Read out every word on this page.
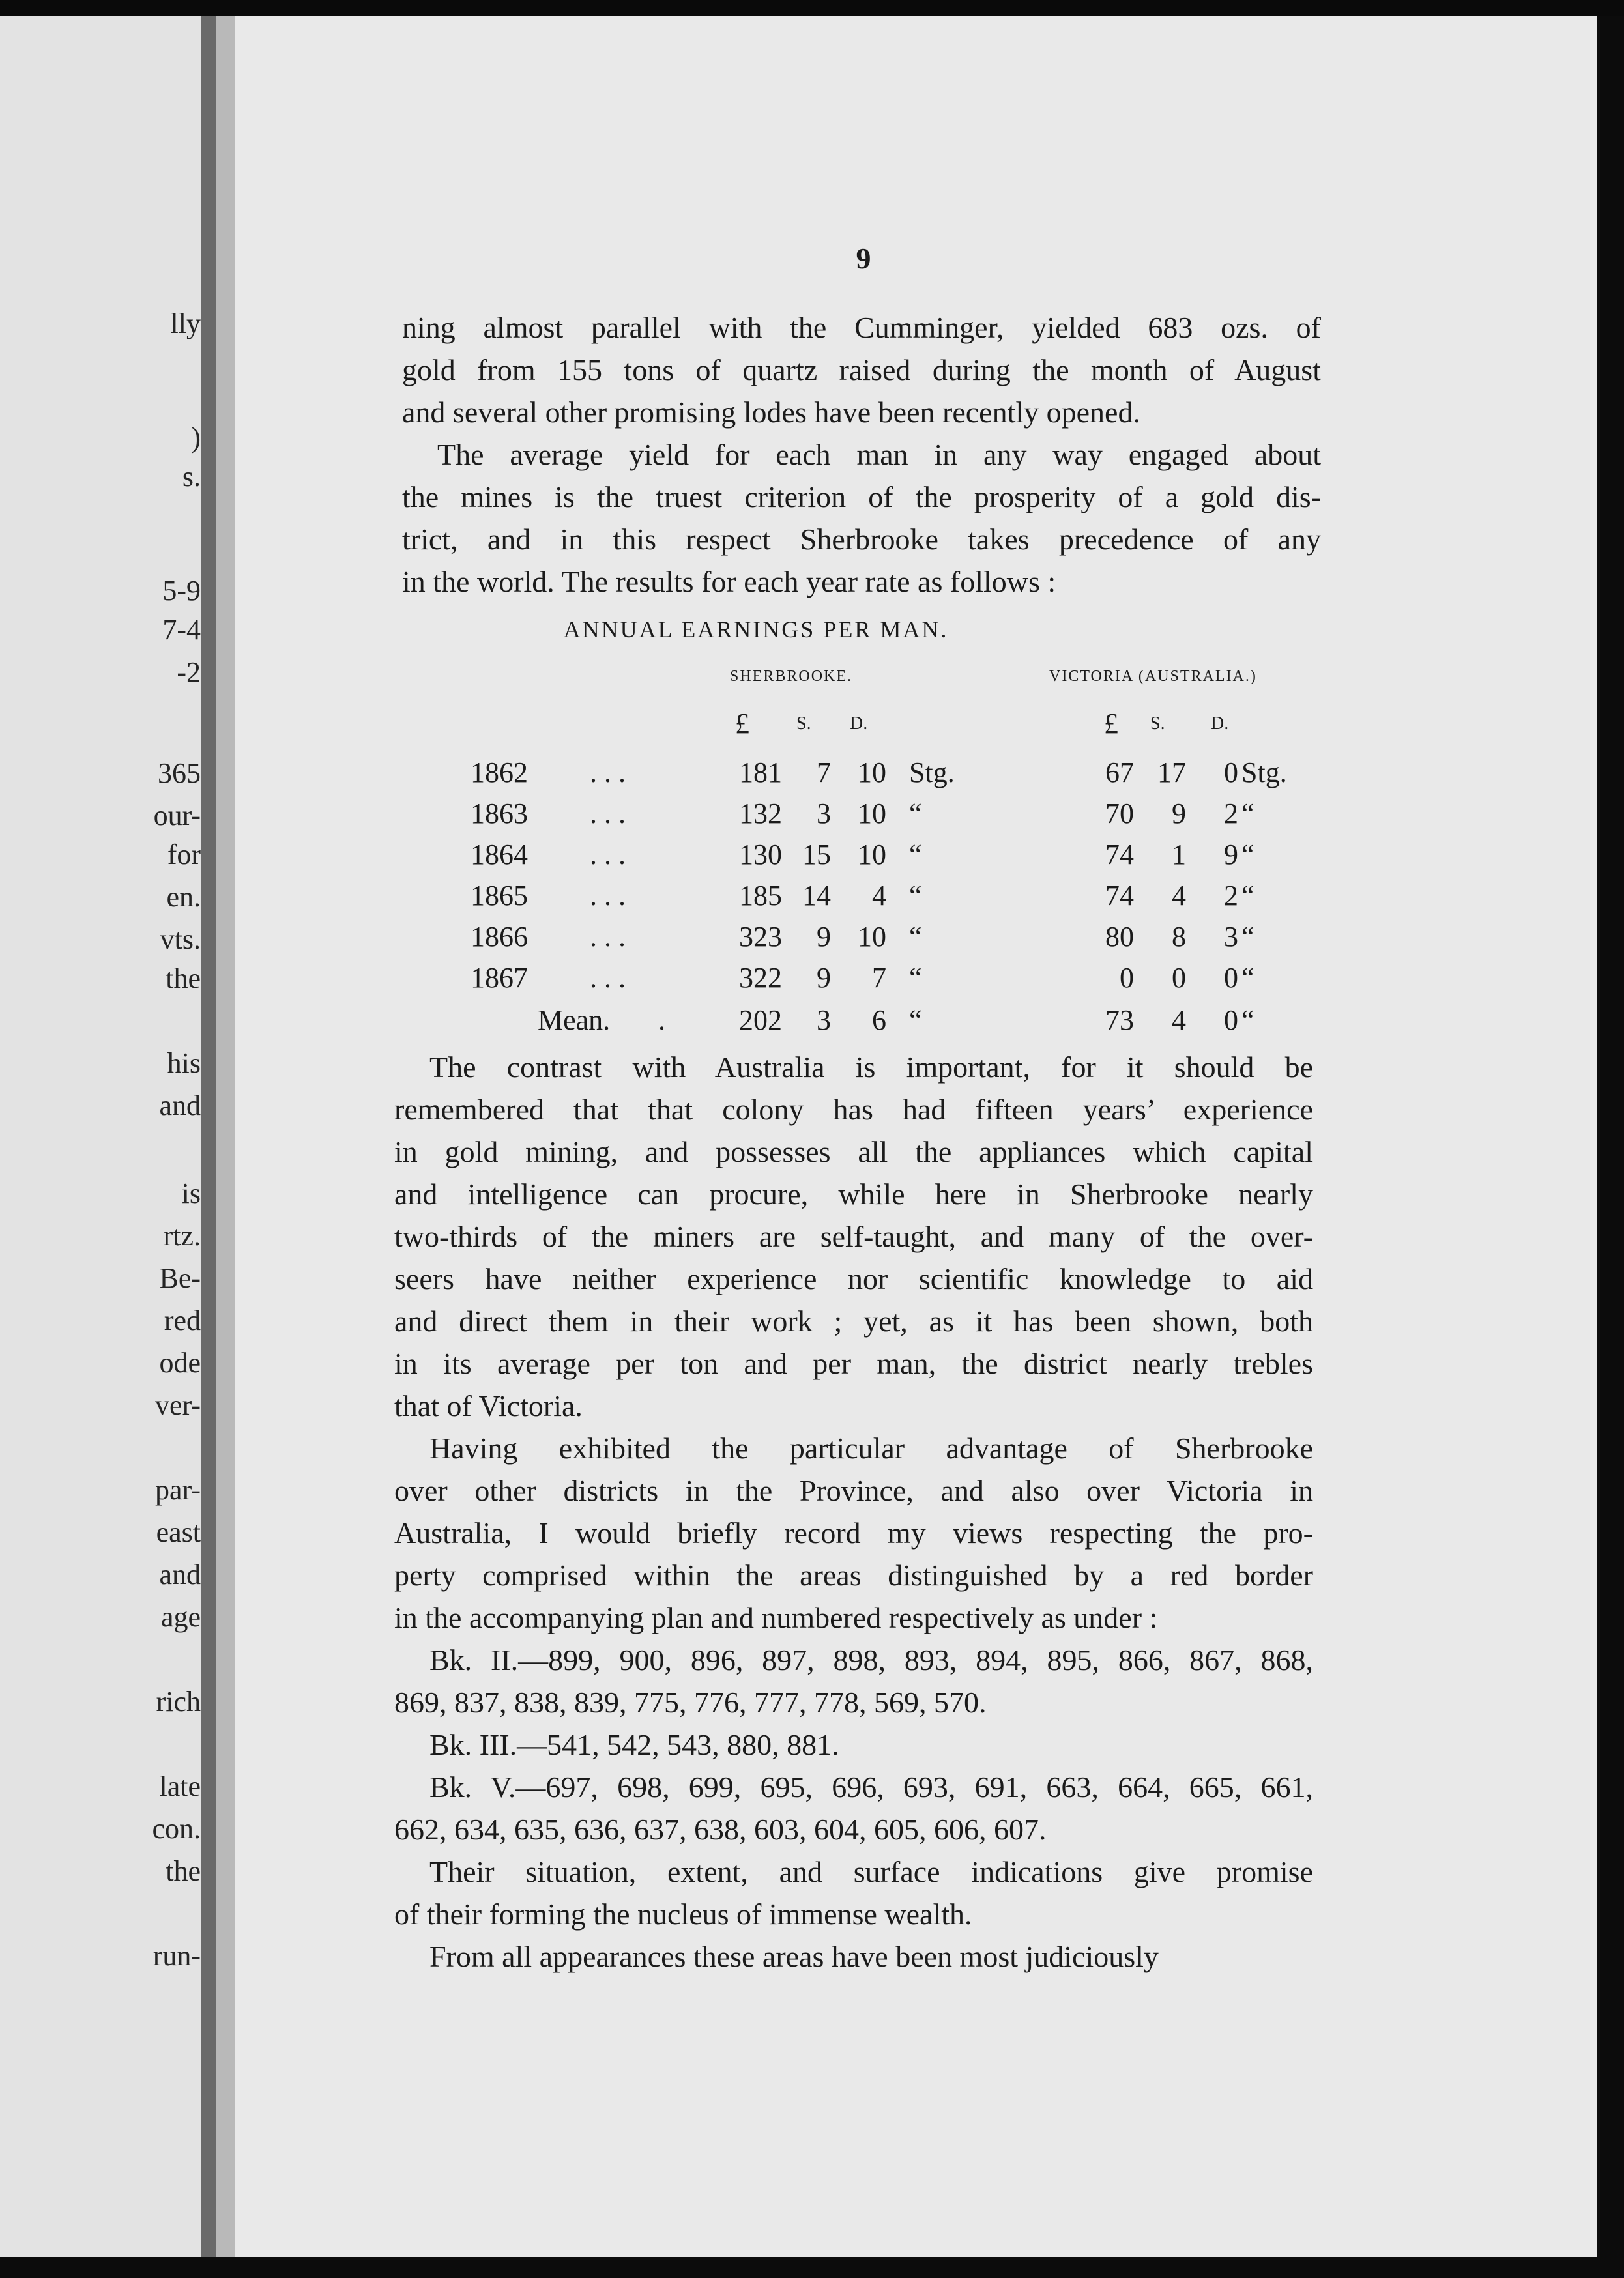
lly
)
s.
5-9
7-4
-2
365
our-
for
en.
vts.
the
his
and
is
rtz.
Be-
red
ode
ver-
par-
east
and
age
rich
late
con.
the
run-
9
ning almost parallel with the Cumminger, yielded 683 ozs. of
gold from 155 tons of quartz raised during the month of August
and several other promising lodes have been recently opened.
The average yield for each man in any way engaged about
the mines is the truest criterion of the prosperity of a gold dis-
trict, and in this respect Sherbrooke takes precedence of any
in the world. The results for each year rate as follows :
ANNUAL EARNINGS PER MAN.
SHERBROOKE.	VICTORIA (AUSTRALIA.)
£	S. D.	£ S.	D.
1862	. . .	181	7 10 Stg.	67 17	0 Stg.
1863	. . .	132	3 10 “	70	9	2 “
1864	. . .	130 15 10 “	74	1	9 “
1865	. . .	185 14	4 “	74	4	2 “
1866	. . .	323	9 10 “	80	8	3 “
1867	. . .	322	9	7 “	0	0	0 “
Mean.	.	202	3	6 “	73	4	0 “
The contrast with Australia is important, for it should be
remembered that that colony has had fifteen years’ experience
in gold mining, and possesses all the appliances which capital
and intelligence can procure, while here in Sherbrooke nearly
two-thirds of the miners are self-taught, and many of the over-
seers have neither experience nor scientific knowledge to aid
and direct them in their work ; yet, as it has been shown, both
in its average per ton and per man, the district nearly trebles
that of Victoria.
Having exhibited the particular advantage of Sherbrooke
over other districts in the Province, and also over Victoria in
Australia, I would briefly record my views respecting the pro-
perty comprised within the areas distinguished by a red border
in the accompanying plan and numbered respectively as under :
Bk. II.—899, 900, 896, 897, 898, 893, 894, 895, 866, 867, 868,
869, 837, 838, 839, 775, 776, 777, 778, 569, 570.
Bk. III.—541, 542, 543, 880, 881.
Bk. V.—697, 698, 699, 695, 696, 693, 691, 663, 664, 665, 661,
662, 634, 635, 636, 637, 638, 603, 604, 605, 606, 607.
Their situation, extent, and surface indications give promise
of their forming the nucleus of immense wealth.
From all appearances these areas have been most judiciously
